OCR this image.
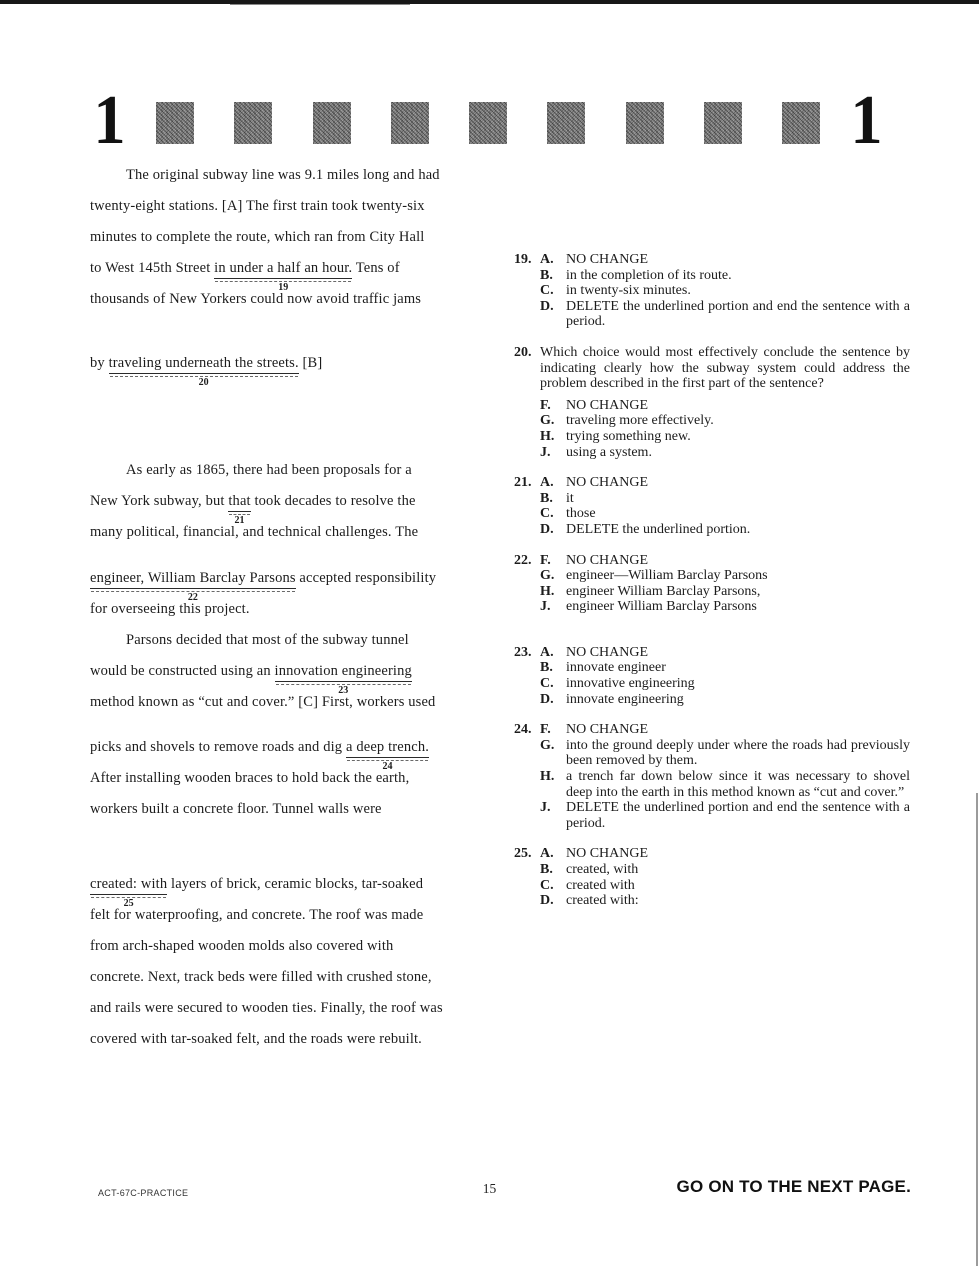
1	1
The original subway line was 9.1 miles long and had
twenty-eight stations. [A] The first train took twenty-six
minutes to complete the route, which ran from City Hall
to West 145th Street in under a half an hour.
19
Tens of
thousands of New Yorkers could now avoid traffic jams
by traveling underneath the streets.
20
[B]
As early as 1865, there had been proposals for a
New York subway, but that
21
took decades to resolve the
many political, financial, and technical challenges. The
engineer, William Barclay Parsons
22
accepted responsibility
for overseeing this project.
Parsons decided that most of the subway tunnel
would be constructed using an innovation engineering
23
method known as “cut and cover.” [C] First, workers used
picks and shovels to remove roads and dig a deep trench.
24
After installing wooden braces to hold back the earth,
workers built a concrete floor. Tunnel walls were
created: with
25
layers of brick, ceramic blocks, tar-soaked
felt for waterproofing, and concrete. The roof was made
from arch-shaped wooden molds also covered with
concrete. Next, track beds were filled with crushed stone,
and rails were secured to wooden ties. Finally, the roof was
covered with tar-soaked felt, and the roads were rebuilt.
19. A. NO CHANGE
B. in the completion of its route.
C. in twenty-six minutes.
D. DELETE the underlined portion and end the sentence with a period.
20. Which choice would most effectively conclude the sentence by indicating clearly how the subway system could address the problem described in the first part of the sentence?

F.	NO CHANGE
G. traveling more effectively.
H. trying something new.
J.	using a system.
21. A. NO CHANGE
B. it
C. those
D. DELETE the underlined portion.
22. F.	NO CHANGE
G. engineer—William Barclay Parsons
H. engineer William Barclay Parsons,
J.	engineer William Barclay Parsons
23. A. NO CHANGE
B. innovate engineer
C. innovative engineering
D. innovate engineering
24. F.	NO CHANGE
G. into the ground deeply under where the roads had previously been removed by them.
H. a trench far down below since it was necessary to shovel deep into the earth in this method known as “cut and cover.”
J.	DELETE the underlined portion and end the sentence with a period.
25. A. NO CHANGE
B. created, with
C. created with
D. created with:
ACT-67C-PRACTICE	15	GO ON TO THE NEXT PAGE.
